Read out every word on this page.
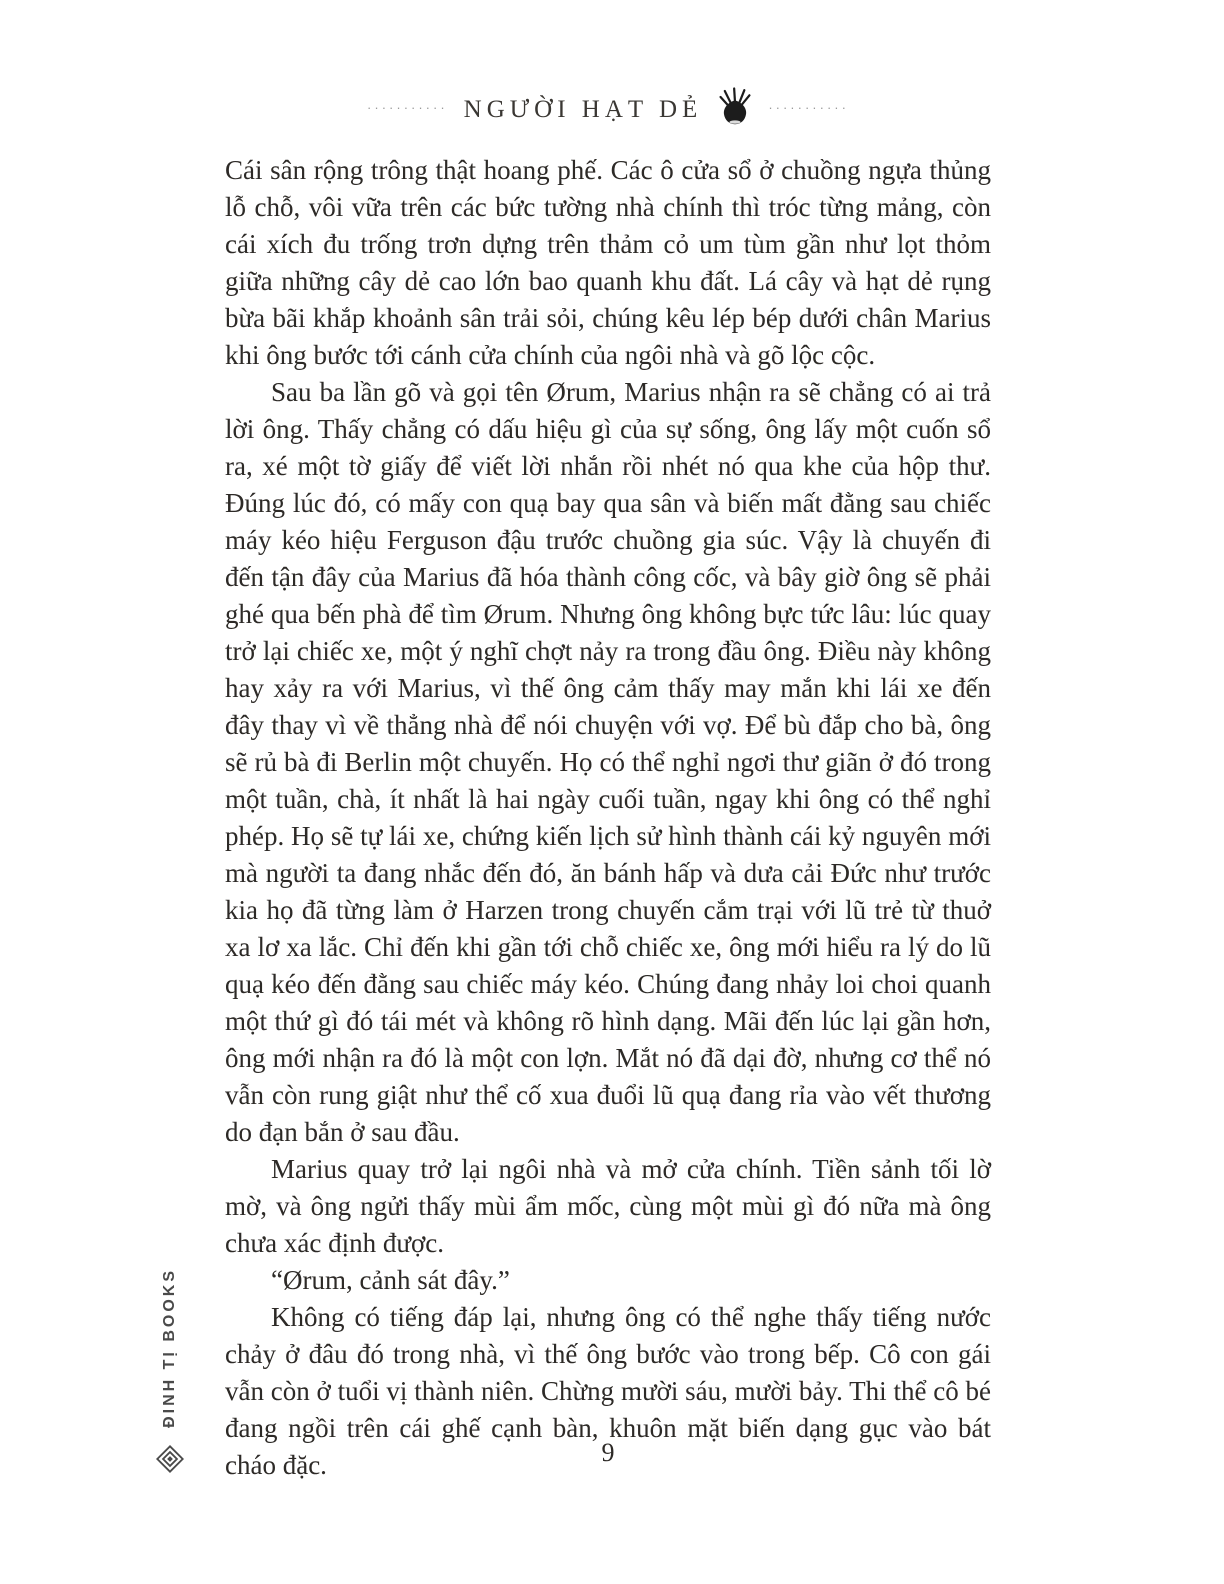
··········· NGƯỜI HẠT DẺ	···········

Cái sân rộng trông thật hoang phế. Các ô cửa sổ ở chuồng ngựa thủng lỗ chỗ, vôi vữa trên các bức tường nhà chính thì tróc từng mảng, còn cái xích đu trống trơn dựng trên thảm cỏ um tùm gần như lọt thỏm giữa những cây dẻ cao lớn bao quanh khu đất. Lá cây và hạt dẻ rụng bừa bãi khắp khoảnh sân trải sỏi, chúng kêu lép bép dưới chân Marius khi ông bước tới cánh cửa chính của ngôi nhà và gõ lộc cộc.

Sau ba lần gõ và gọi tên Ørum, Marius nhận ra sẽ chẳng có ai trả lời ông. Thấy chẳng có dấu hiệu gì của sự sống, ông lấy một cuốn sổ ra, xé một tờ giấy để viết lời nhắn rồi nhét nó qua khe của hộp thư. Đúng lúc đó, có mấy con quạ bay qua sân và biến mất đằng sau chiếc máy kéo hiệu Ferguson đậu trước chuồng gia súc. Vậy là chuyến đi đến tận đây của Marius đã hóa thành công cốc, và bây giờ ông sẽ phải ghé qua bến phà để tìm Ørum. Nhưng ông không bực tức lâu: lúc quay trở lại chiếc xe, một ý nghĩ chợt nảy ra trong đầu ông. Điều này không hay xảy ra với Marius, vì thế ông cảm thấy may mắn khi lái xe đến đây thay vì về thẳng nhà để nói chuyện với vợ. Để bù đắp cho bà, ông sẽ rủ bà đi Berlin một chuyến. Họ có thể nghỉ ngơi thư giãn ở đó trong một tuần, chà, ít nhất là hai ngày cuối tuần, ngay khi ông có thể nghỉ phép. Họ sẽ tự lái xe, chứng kiến lịch sử hình thành cái kỷ nguyên mới mà người ta đang nhắc đến đó, ăn bánh hấp và dưa cải Đức như trước kia họ đã từng làm ở Harzen trong chuyến cắm trại với lũ trẻ từ thuở xa lơ xa lắc. Chỉ đến khi gần tới chỗ chiếc xe, ông mới hiểu ra lý do lũ quạ kéo đến đằng sau chiếc máy kéo. Chúng đang nhảy loi choi quanh một thứ gì đó tái mét và không rõ hình dạng. Mãi đến lúc lại gần hơn, ông mới nhận ra đó là một con lợn. Mắt nó đã dại đờ, nhưng cơ thể nó vẫn còn rung giật như thể cố xua đuổi lũ quạ đang rỉa vào vết thương do đạn bắn ở sau đầu.

Marius quay trở lại ngôi nhà và mở cửa chính. Tiền sảnh tối lờ mờ, và ông ngửi thấy mùi ẩm mốc, cùng một mùi gì đó nữa mà ông chưa xác định được.

“Ørum, cảnh sát đây.”

Không có tiếng đáp lại, nhưng ông có thể nghe thấy tiếng nước chảy ở đâu đó trong nhà, vì thế ông bước vào trong bếp. Cô con gái vẫn còn ở tuổi vị thành niên. Chừng mười sáu, mười bảy. Thi thể cô bé đang ngồi trên cái ghế cạnh bàn, khuôn mặt biến dạng gục vào bát cháo đặc.

ĐINH TỊ BOOKS
9
